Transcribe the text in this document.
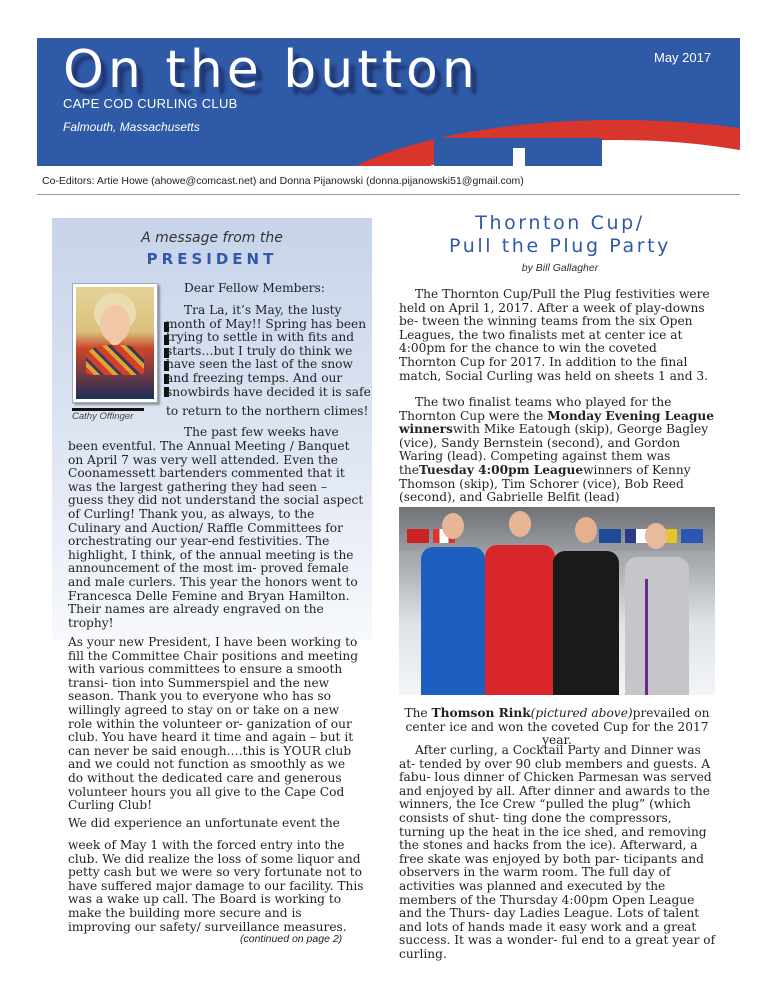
On the button
CAPE COD CURLING CLUB
Falmouth, Massachusetts
May 2017
Co-Editors: Artie Howe (ahowe@comcast.net) and Donna Pijanowski (donna.pijanowski51@gmail.com)
A message from the
PRESIDENT
Cathy Offinger
Dear Fellow Members:
Tra La, it’s May, the lusty
month of May!! Spring has been
trying to settle in with fits and
starts…but I truly do think we
have seen the last of the snow
and freezing temps. And our
snowbirds have decided it is safe
to return to the northern climes!
The past few weeks have
been eventful. The Annual Meeting / Banquet on April 7 was very well attended. Even the Coonamessett bartenders commented that it was the largest gathering they had seen – guess they did not understand the social aspect of Curling! Thank you, as always, to the Culinary and Auction/ Raffle Committees for orchestrating our year-end festivities. The highlight, I think, of the annual meeting is the announcement of the most im- proved female and male curlers. This year the honors went to Francesca Delle Femine and Bryan Hamilton. Their names are already engraved on the trophy!
As your new President, I have been working to fill the Committee Chair positions and meeting with various committees to ensure a smooth transi- tion into Summerspiel and the new season. Thank you to everyone who has so willingly agreed to stay on or take on a new role within the volunteer or- ganization of our club. You have heard it time and again – but it can never be said enough….this is YOUR club and we could not function as smoothly as we do without the dedicated care and generous volunteer hours you all give to the Cape Cod Curling Club!
We did experience an unfortunate event the
week of May 1 with the forced entry into the club. We did realize the loss of some liquor and petty cash but we were so very fortunate not to have suffered major damage to our facility. This was a wake up call. The Board is working to make the building more secure and is improving our safety/ surveillance measures.
(continued on page 2)
Thornton Cup/
Pull the Plug Party
by Bill Gallagher
The Thornton Cup/Pull the Plug festivities were held on April 1, 2017. After a week of play-downs be- tween the winning teams from the six Open Leagues, the two finalists met at center ice at 4:00pm for the chance to win the coveted Thornton Cup for 2017. In addition to the final match, Social Curling was held on sheets 1 and 3.
The two finalist teams who played for the Thornton Cup were the Monday Evening League winnerswith Mike Eatough (skip), George Bagley (vice), Sandy Bernstein (second), and Gordon Waring (lead). Competing against them was theTuesday 4:00pm Leaguewinners of Kenny Thomson (skip), Tim Schorer (vice), Bob Reed (second), and Gabrielle Belfit (lead)
The Thomson Rink(pictured above)prevailed on center ice and won the coveted Cup for the 2017 year.
After curling, a Cocktail Party and Dinner was at- tended by over 90 club members and guests. A fabu- lous dinner of Chicken Parmesan was served and enjoyed by all. After dinner and awards to the winners, the Ice Crew “pulled the plug” (which consists of shut- ting done the compressors, turning up the heat in the ice shed, and removing the stones and hacks from the ice). Afterward, a free skate was enjoyed by both par- ticipants and observers in the warm room. The full day of activities was planned and executed by the members of the Thursday 4:00pm Open League and the Thurs- day Ladies League. Lots of talent and lots of hands made it easy work and a great success. It was a wonder- ful end to a great year of curling.
